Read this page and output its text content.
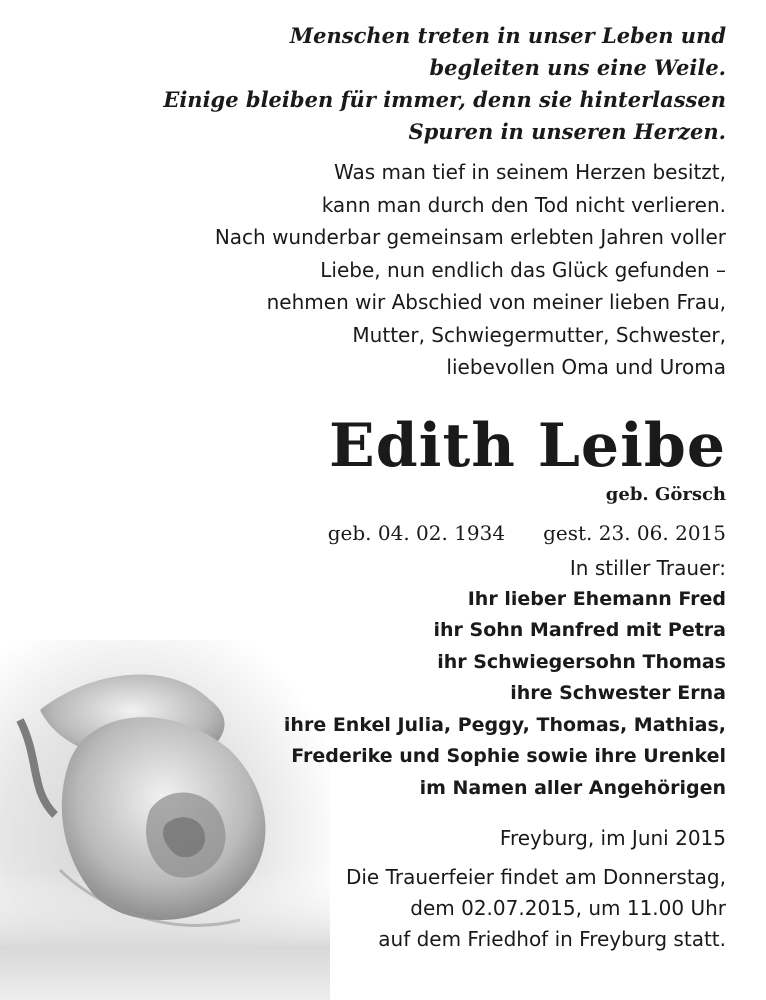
Menschen treten in unser Leben und
begleiten uns eine Weile.
Einige bleiben für immer, denn sie hinterlassen
Spuren in unseren Herzen.

Was man tief in seinem Herzen besitzt,
kann man durch den Tod nicht verlieren.
Nach wunderbar gemeinsam erlebten Jahren voller
Liebe, nun endlich das Glück gefunden –
nehmen wir Abschied von meiner lieben Frau,
Mutter, Schwiegermutter, Schwester,
liebevollen Oma und Uroma

Edith Leibe

geb. Görsch

geb. 04. 02. 1934 gest. 23. 06. 2015

In stiller Trauer:

Ihr lieber Ehemann Fred
ihr Sohn Manfred mit Petra
ihr Schwiegersohn Thomas
ihre Schwester Erna
ihre Enkel Julia, Peggy, Thomas, Mathias,
Frederike und Sophie sowie ihre Urenkel
im Namen aller Angehörigen

Freyburg, im Juni 2015

Die Trauerfeier findet am Donnerstag,
dem 02.07.2015, um 11.00 Uhr
auf dem Friedhof in Freyburg statt.
